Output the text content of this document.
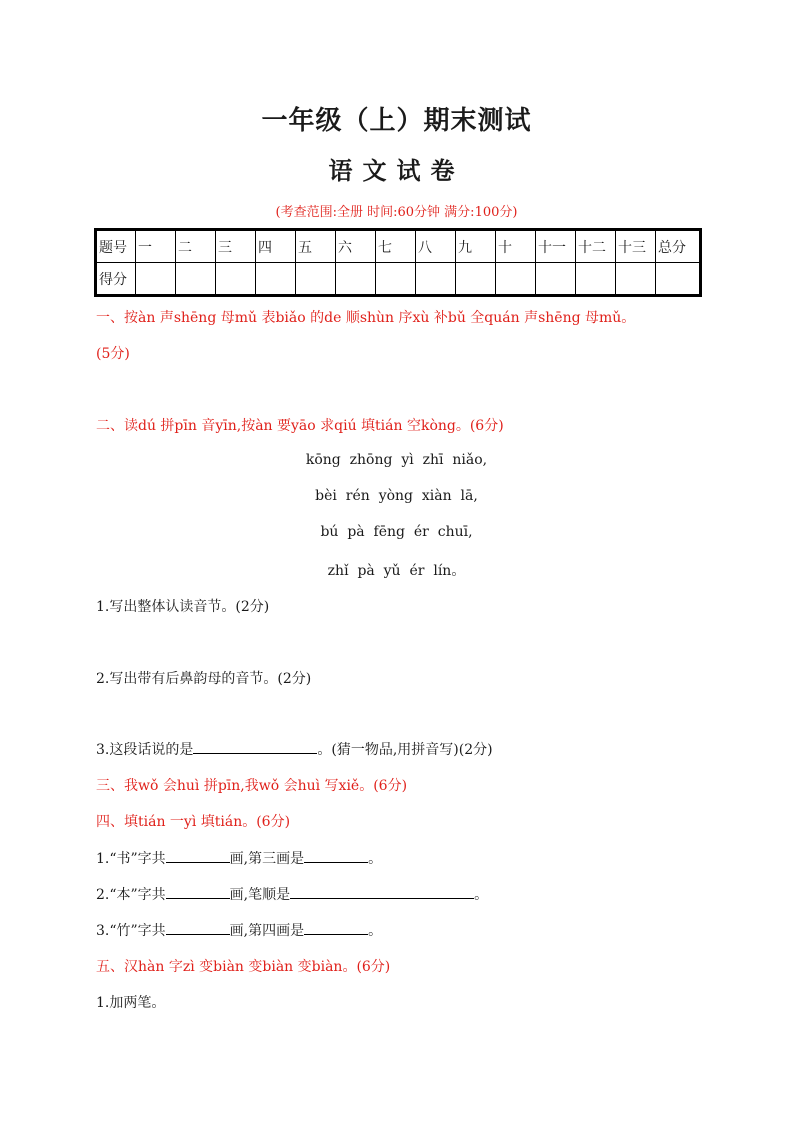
一年级（上）期末测试
语文试卷
(考查范围:全册 时间:60分钟 满分:100分)
题号	一	二	三	四	五	六	七	八	九	十	十一	十二	十三	总分
得分														
一、按àn 声shēng 母mǔ 表biǎo 的de 顺shùn 序xù 补bǔ 全quán 声shēng 母mǔ。
(5分)
二、读dú 拼pīn 音yīn,按àn 要yāo 求qiú 填tián 空kòng。(6分)
kōng  zhōng  yì  zhī  niǎo,
bèi  rén  yòng  xiàn  lā,
bú  pà  fēng  ér  chuī,
zhǐ  pà  yǔ  ér  lín。
1.写出整体认读音节。(2分)
2.写出带有后鼻韵母的音节。(2分)
3.这段话说的是	。(猜一物品,用拼音写)(2分)
三、我wǒ 会huì 拼pīn,我wǒ 会huì 写xiě。(6分)
四、填tián 一yì 填tián。(6分)
1.“书”字共	画,第三画是	。
2.“本”字共	画,笔顺是	。
3.“竹”字共	画,第四画是	。
五、汉hàn 字zì 变biàn 变biàn 变biàn。(6分)
1.加两笔。
